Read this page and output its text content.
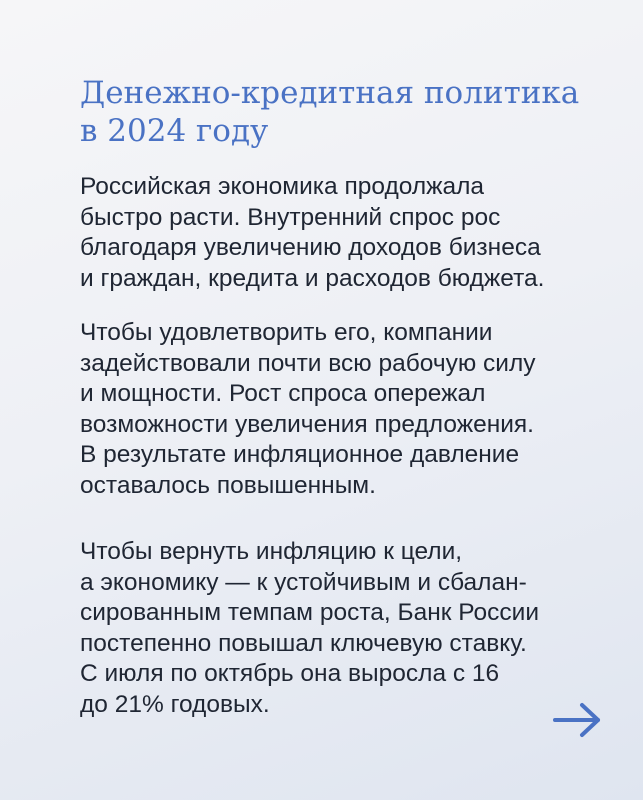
Денежно-кредитная политика
в 2024 году

Российская экономика продолжала
быстро расти. Внутренний спрос рос
благодаря увеличению доходов бизнеса
и граждан, кредита и расходов бюджета.

Чтобы удовлетворить его, компании
задействовали почти всю рабочую силу
и мощности. Рост спроса опережал
возможности увеличения предложения.
В результате инфляционное давление
оставалось повышенным.

Чтобы вернуть инфляцию к цели,
а экономику — к устойчивым и сбалан-
сированным темпам роста, Банк России
постепенно повышал ключевую ставку.
С июля по октябрь она выросла с 16
до 21% годовых.
